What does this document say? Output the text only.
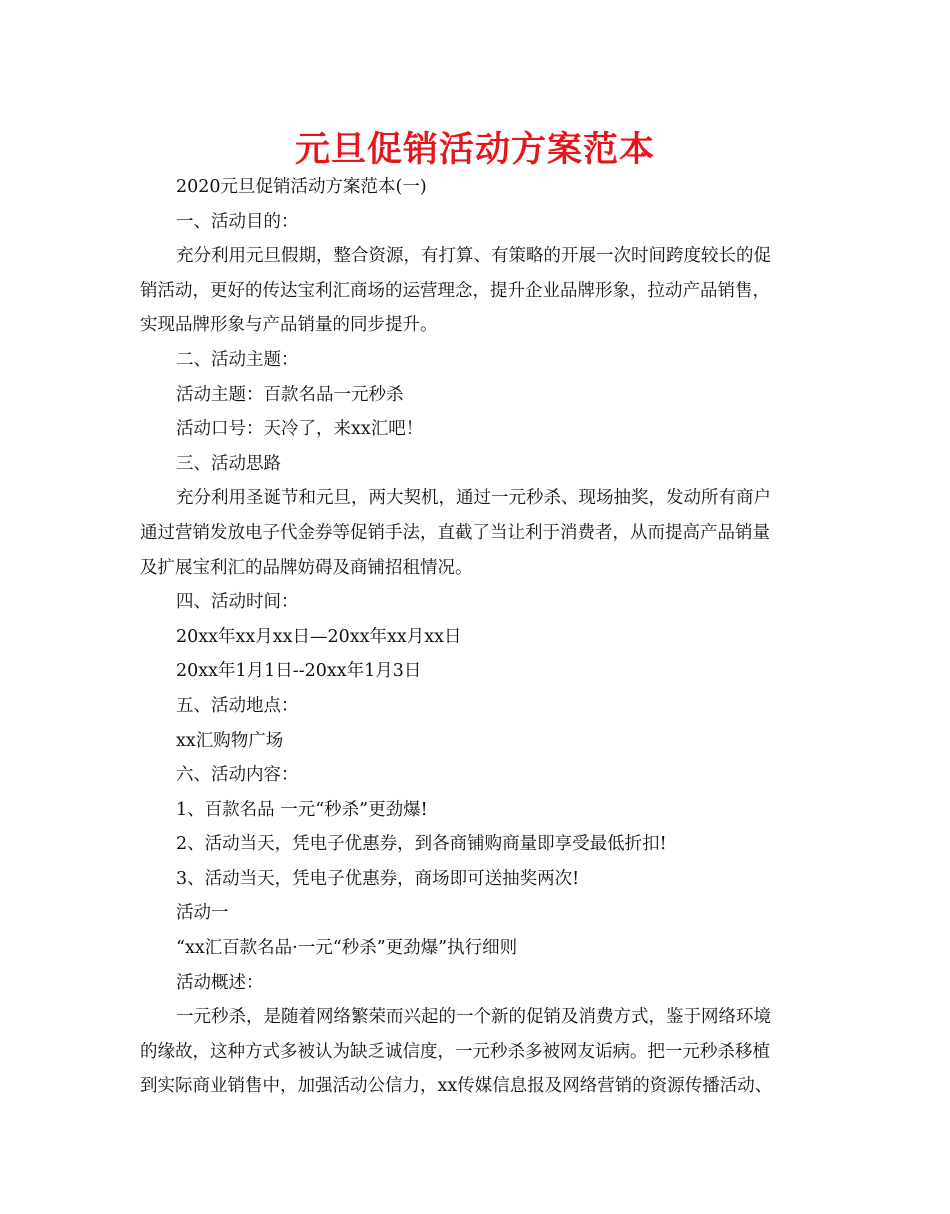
元旦促销活动方案范本
2020元旦促销活动方案范本(一)
一、活动目的：
充分利用元旦假期，整合资源，有打算、有策略的开展一次时间跨度较长的促
销活动，更好的传达宝利汇商场的运营理念，提升企业品牌形象，拉动产品销售，
实现品牌形象与产品销量的同步提升。
二、活动主题：
活动主题：百款名品一元秒杀
活动口号：天冷了，来xx汇吧！
三、活动思路
充分利用圣诞节和元旦，两大契机，通过一元秒杀、现场抽奖，发动所有商户
通过营销发放电子代金券等促销手法，直截了当让利于消费者，从而提高产品销量
及扩展宝利汇的品牌妨碍及商铺招租情况。
四、活动时间：
20xx年xx月xx日—20xx年xx月xx日
20xx年1月1日--20xx年1月3日
五、活动地点：
xx汇购物广场
六、活动内容：
1、百款名品 一元“秒杀”更劲爆!
2、活动当天，凭电子优惠券，到各商铺购商量即享受最低折扣!
3、活动当天，凭电子优惠券，商场即可送抽奖两次!
活动一
“xx汇百款名品·一元“秒杀”更劲爆”执行细则
活动概述：
一元秒杀，是随着网络繁荣而兴起的一个新的促销及消费方式，鉴于网络环境
的缘故，这种方式多被认为缺乏诚信度，一元秒杀多被网友诟病。把一元秒杀移植
到实际商业销售中，加强活动公信力，xx传媒信息报及网络营销的资源传播活动、
